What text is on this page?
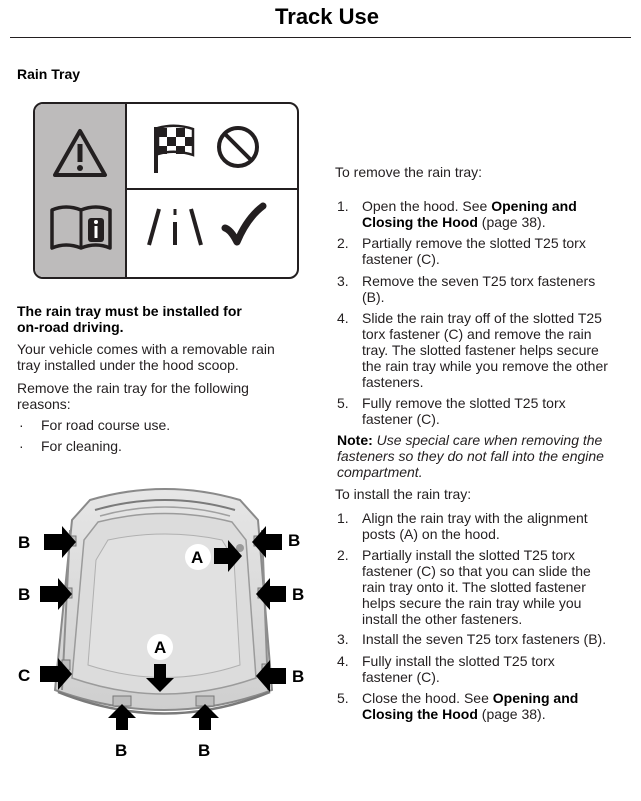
Track Use
Rain Tray
The rain tray must be installed for
on-road driving.
Your vehicle comes with a removable rain
tray installed under the hood scoop.
Remove the rain tray for the following
reasons:
· For road course use.
· For cleaning.
To remove the rain tray:
1. Open the hood. See Opening and
Closing the Hood (page 38).
2. Partially remove the slotted T25 torx
fastener (C).
3. Remove the seven T25 torx fasteners
(B).
4. Slide the rain tray off of the slotted T25
torx fastener (C) and remove the rain
tray. The slotted fastener helps secure
the rain tray while you remove the other
fasteners.
5. Fully remove the slotted T25 torx
fastener (C).
Note: Use special care when removing the
fasteners so they do not fall into the engine
compartment.
To install the rain tray:
1. Align the rain tray with the alignment
posts (A) on the hood.
2. Partially install the slotted T25 torx
fastener (C) so that you can slide the
rain tray onto it. The slotted fastener
helps secure the rain tray while you
install the other fasteners.
3. Install the seven T25 torx fasteners (B).
4. Fully install the slotted T25 torx
fastener (C).
5. Close the hood. See Opening and
Closing the Hood (page 38).
B
B
C
A
A
B
B
B
B	B
